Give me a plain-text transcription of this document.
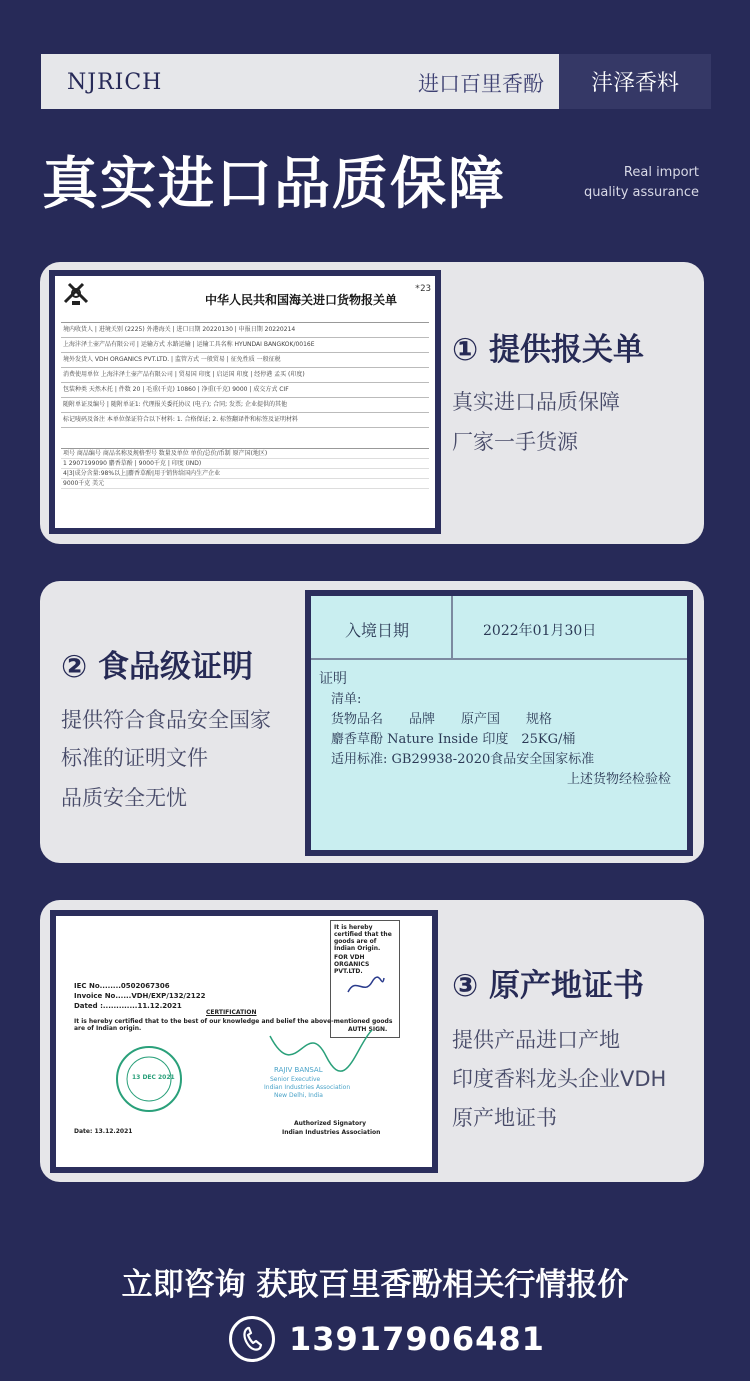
NJRICH	进口百里香酚	沣泽香料
真实进口品质保障	Real import
quality assurance
中华人民共和国海关进口货物报关单
*23
境内收货人 | 进境关别 (2225) 外港海关 | 进口日期 20220130 | 申报日期 20220214
上海沣泽土壶产品有限公司 | 运输方式 水路运输 | 运输工具名称 HYUNDAI BANGKOK/0016E
境外发货人 VDH ORGANICS PVT.LTD. | 监管方式 一般贸易 | 征免性质 一般征税
消费使用单位 上海沣泽土壶产品有限公司 | 贸易国 印度 | 启运国 印度 | 经停港 孟买 (印度)
包装种类 天然木托 | 件数 20 | 毛重(千克) 10860 | 净重(千克) 9000 | 成交方式 CIF
随附单证及编号 | 随附单证1: 代理报关委托协议 (电子); 合同; 发票; 企业提供的其他
标记唛码及备注 本单位保证符合以下材料: 1. 合格保证; 2. 标签翻译件和标签及证明材料
项号 商品编号 商品名称及规格型号 数量及单位 单价/总价/币制 原产国(地区)
1 2907199090 麝香草酚 | 9000千克 | 印度 (IND)
4|3|成分含量:98%以上|麝香草酚|用于销售给国内生产企业
9000千克 美元
① 提供报关单
真实进口品质保障
厂家一手货源
② 食品级证明
提供符合食品安全国家
标准的证明文件
品质安全无忧
入境日期	2022年01月30日
证明
清单:
货物品名　　品牌　　原产国　　规格
麝香草酚 Nature Inside 印度　25KG/桶
适用标准: GB29938-2020食品安全国家标准
上述货物经检验检
It is hereby certified that the goods are of Indian Origin.
FOR VDH ORGANICS PVT.LTD.
AUTH SIGN.
IEC No........0502067306
Invoice No......VDH/EXP/132/2122
Dated :.............11.12.2021
CERTIFICATION
It is hereby certified that to the best of our knowledge and belief the above-mentioned goods are of Indian origin.
13 DEC 2021
RAJIV BANSAL
Senior Executive
Indian Industries Association
New Delhi, India
Authorized Signatory
Indian Industries Association
Date: 13.12.2021
③ 原产地证书
提供产品进口产地
印度香料龙头企业VDH
原产地证书
立即咨询 获取百里香酚相关行情报价
13917906481
